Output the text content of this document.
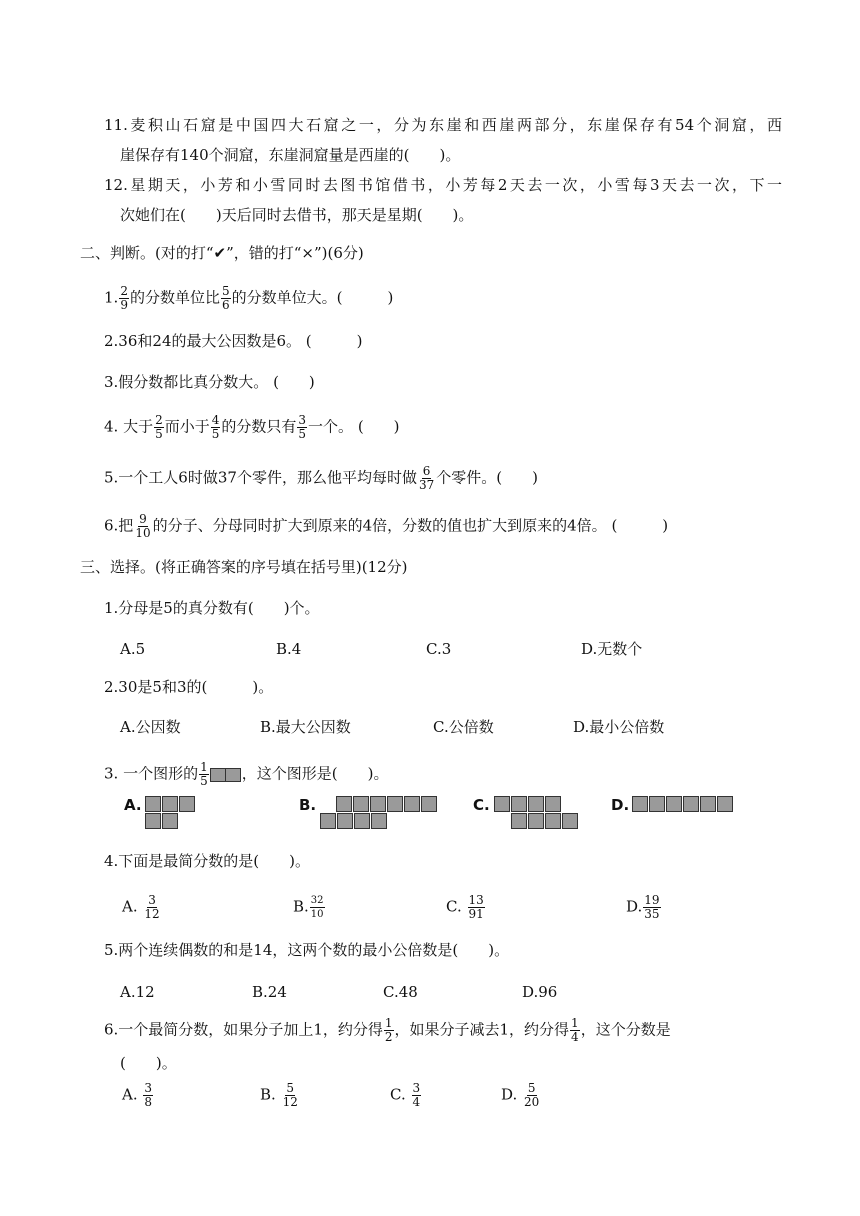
11.麦积山石窟是中国四大石窟之一，分为东崖和西崖两部分，东崖保存有54个洞窟，西
崖保存有140个洞窟，东崖洞窟量是西崖的(　　)。
12.星期天，小芳和小雪同时去图书馆借书，小芳每2天去一次，小雪每3天去一次，下一
次她们在(　　)天后同时去借书，那天是星期(　　)。
二、判断。(对的打“✔”，错的打“×”)(6分)
1. $\frac{2}{9}$ 的分数单位比 $\frac{5}{6}$ 的分数单位大。(　　　)
2.36和24的最大公因数是6。 (　　　)
3.假分数都比真分数大。 (　　)
4. 大于 $\frac{2}{5}$ 而小于 $\frac{4}{5}$ 的分数只有 $\frac{3}{5}$ 一个。 (　　)
5.一个工人6时做37个零件，那么他平均每时做 $\frac{6}{37}$ 个零件。(　　)
6.把 $\frac{9}{10}$ 的分子、分母同时扩大到原来的4倍，分数的值也扩大到原来的4倍。 (　　　)
三、选择。(将正确答案的序号填在括号里)(12分)
1.分母是5的真分数有(　　)个。
A.5	B.4	C.3	D.无数个
2.30是5和3的(　　　)。
A.公因数	B.最大公因数	C.公倍数	D.最小公倍数
3. 一个图形的 $\frac{1}{5}$ ，这个图形是(　　)。
A.	B.	C.	D.
4.下面是最简分数的是(　　)。
A. $\frac{3}{12}$	B. $\frac{32}{10}$	C. $\frac{13}{91}$	D. $\frac{19}{35}$
5.两个连续偶数的和是14，这两个数的最小公倍数是(　　)。
A.12	B.24	C.48	D.96
6.一个最简分数，如果分子加上1，约分得 $\frac{1}{2}$ ，如果分子减去1，约分得 $\frac{1}{4}$ ，这个分数是
(　　)。
A. $\frac{3}{8}$	B. $\frac{5}{12}$	C. $\frac{3}{4}$	D. $\frac{5}{20}$
